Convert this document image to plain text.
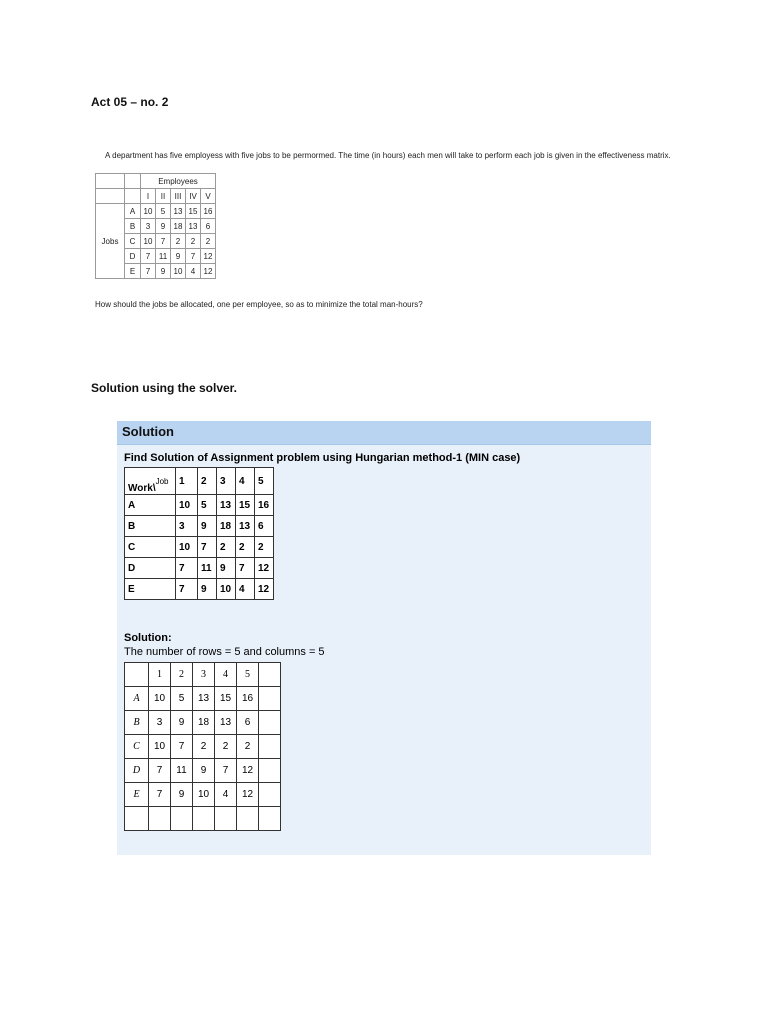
Act 05 – no. 2
A department has five employess with five jobs to be permormed. The time (in hours) each men will take to perform each job is given in the effectiveness matrix.
		Employees				
		I	II	III	IV	V
Jobs	A	10	5	13	15	16
	B	3	9	18	13	6
	C	10	7	2	2	2
	D	7	11	9	7	12
	E	7	9	10	4	12
How should the jobs be allocated, one per employee, so as to minimize the total man-hours?
Solution using the solver.
Solution
Find Solution of Assignment problem using Hungarian method-1 (MIN case)
Work\$^{Job}$	1	2	3	4	5
A	10	5	13	15	16
B	3	9	18	13	6
C	10	7	2	2	2
D	7	11	9	7	12
E	7	9	10	4	12
Solution:
The number of rows = 5 and columns = 5
	1	2	3	4	5	
A	10	5	13	15	16	
B	3	9	18	13	6	
C	10	7	2	2	2	
D	7	11	9	7	12	
E	7	9	10	4	12	
